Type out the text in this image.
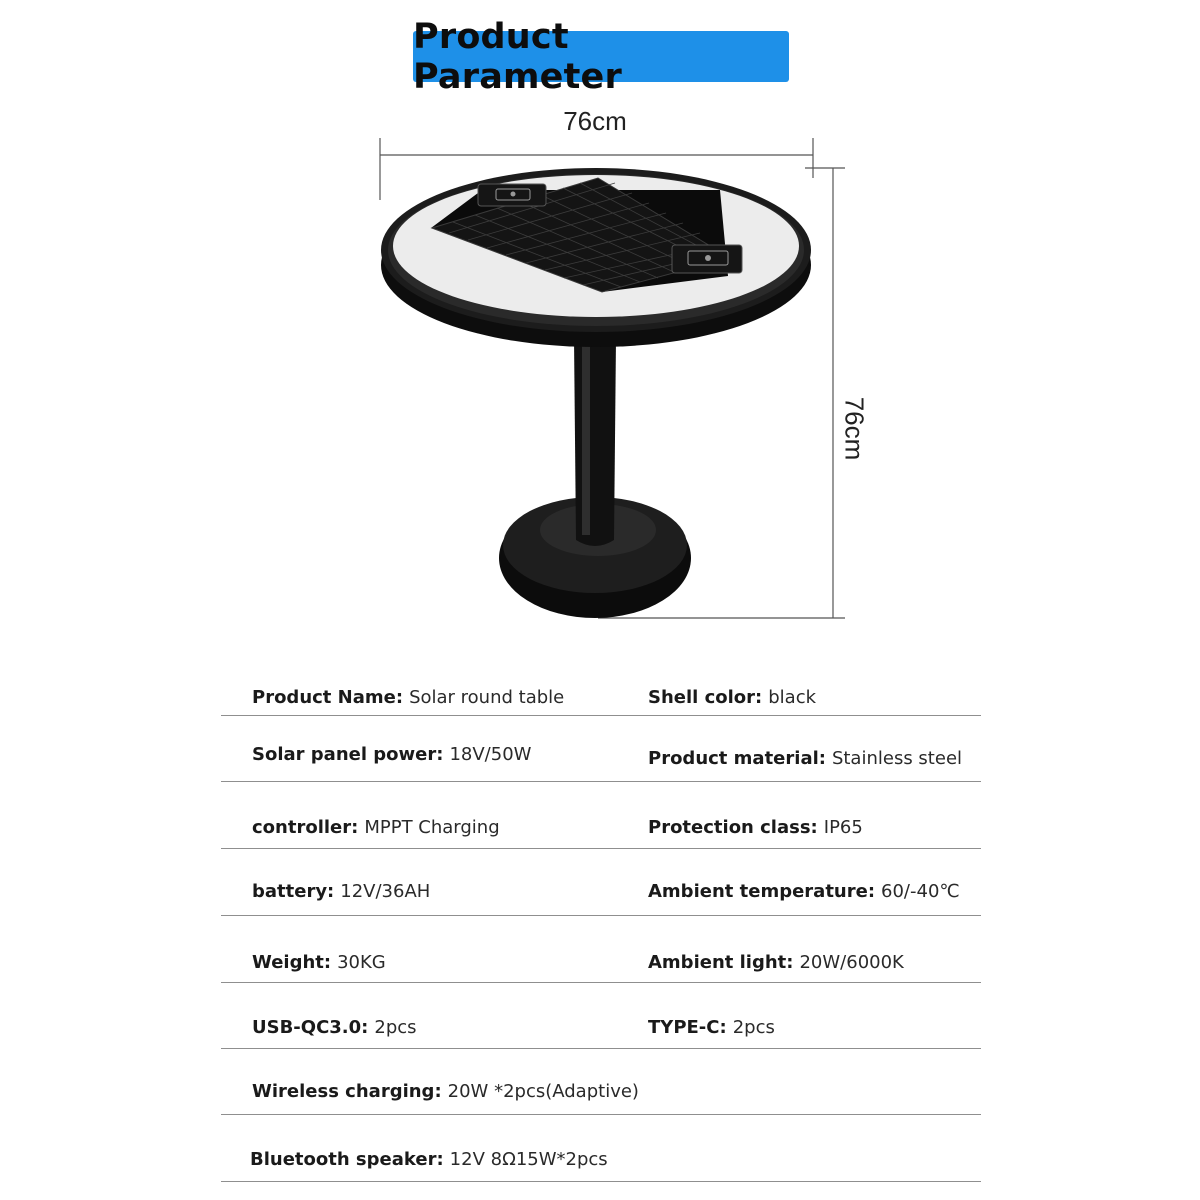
Product Parameter
76cm
76cm
Product Name: Solar round table	Shell color: black
Solar panel power: 18V/50W	Product material: Stainless steel
controller: MPPT Charging	Protection class: IP65
battery: 12V/36AH	Ambient temperature: 60/-40℃
Weight: 30KG	Ambient light: 20W/6000K
USB-QC3.0: 2pcs	TYPE-C: 2pcs
Wireless charging: 20W *2pcs(Adaptive)
Bluetooth speaker: 12V 8Ω15W*2pcs
